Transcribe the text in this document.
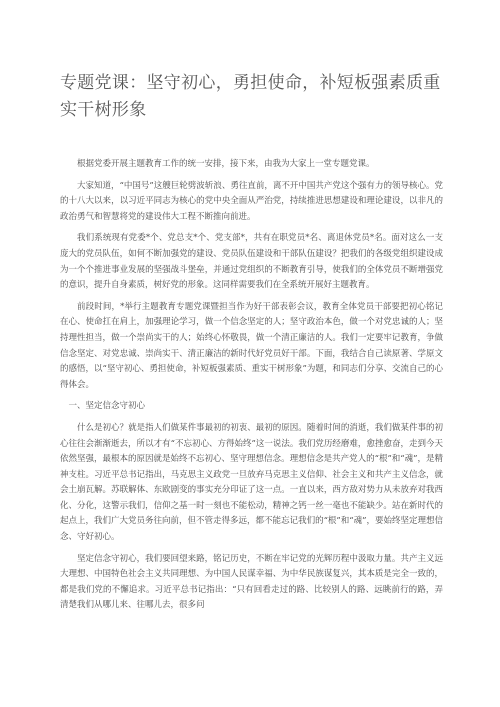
专题党课：坚守初心，勇担使命，补短板强素质重实干树形象

根据党委开展主题教育工作的统一安排，接下来，由我为大家上一堂专题党课。

大家知道，“中国号”这艘巨轮劈波斩浪、勇往直前，离不开中国共产党这个强有力的领导核心。党的十八大以来，以习近平同志为核心的党中央全面从严治党，持续推进思想建设和理论建设，以非凡的政治勇气和智慧将党的建设伟大工程不断推向前进。

我们系统现有党委*个、党总支*个、党支部*，共有在职党员*名、离退休党员*名。面对这么一支庞大的党员队伍，如何不断加强党的建设、党员队伍建设和干部队伍建设？把我们的各级党组织建设成为一个个推进事业发展的坚强战斗堡垒，并通过党组织的不断教育引导，使我们的全体党员不断增强党的意识，提升自身素质，树好党的形象。这同样需要我们在全系统开展好主题教育。

前段时间，*举行主题教育专题党课暨担当作为好干部表彰会议，教育全体党员干部要把初心铭记在心、使命扛在肩上，加强理论学习，做一个信念坚定的人；坚守政治本色，做一个对党忠诚的人；坚持理性担当，做一个崇尚实干的人；始终心怀敬畏，做一个清正廉洁的人。我们一定要牢记教育，争做信念坚定、对党忠诚、崇尚实干、清正廉洁的新时代好党员好干部。下面，我结合自己读原著、学原文的感悟，以“坚守初心、勇担使命，补短板强素质、重实干树形象”为题，和同志们分享、交流自己的心得体会。

一、坚定信念守初心

什么是初心？就是指人们做某件事最初的初衷、最初的原因。随着时间的消逝，我们做某件事的初心往往会渐渐逝去，所以才有“不忘初心、方得始终”这一说法。我们党历经磨难，愈挫愈奋，走到今天依然坚强，最根本的原因就是始终不忘初心、坚守理想信念。理想信念是共产党人的“根”和“魂”，是精神支柱。习近平总书记指出，马克思主义政党一旦放弃马克思主义信仰、社会主义和共产主义信念，就会土崩瓦解。苏联解体、东欧剧变的事实充分印证了这一点。一直以来，西方敌对势力从未放弃对我西化、分化，这警示我们，信仰之基一时一刻也不能松动，精神之钙一丝一毫也不能缺少。站在新时代的起点上，我们广大党员务往向前，但不管走得多远，都不能忘记我们的“根”和“魂”，要始终坚定理想信念、守好初心。

坚定信念守初心，我们要回望来路，铭记历史，不断在牢记党的光辉历程中汲取力量。共产主义远大理想、中国特色社会主义共同理想、为中国人民谋幸福、为中华民族谋复兴，其本质是完全一致的，都是我们党的不懈追求。习近平总书记指出：“只有回看走过的路、比较别人的路、远眺前行的路，弄清楚我们从哪儿来、往哪儿去，很多问
